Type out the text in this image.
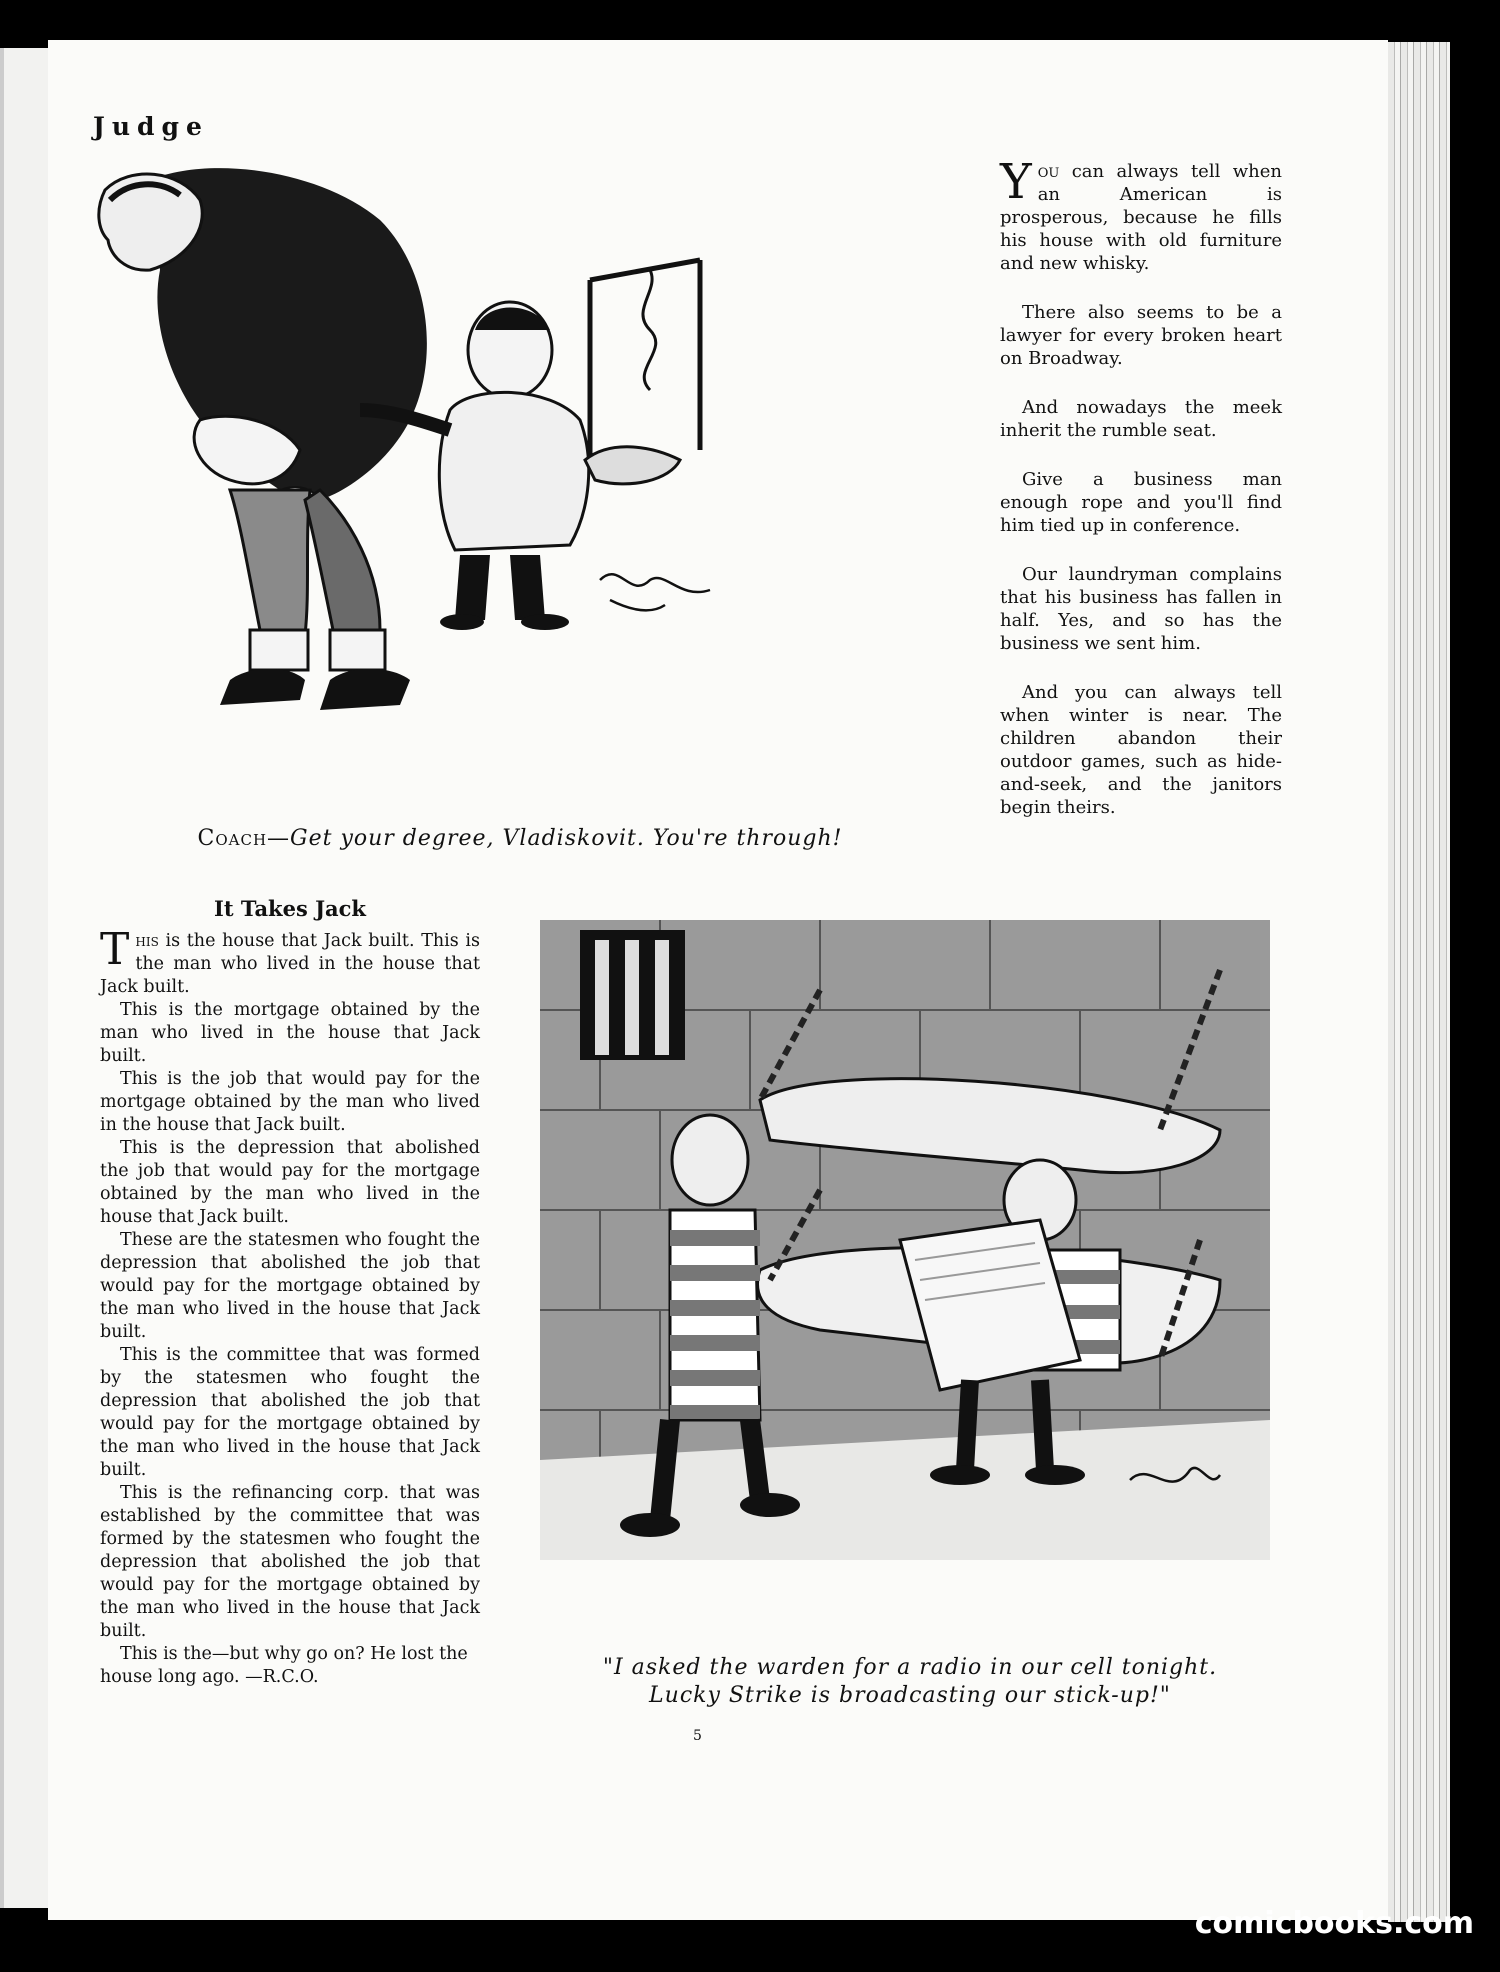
Judge
Coach—Get your degree, Vladiskovit. You're through!

You can always tell when an American is prosperous, because he fills his house with old furniture and new whisky.

There also seems to be a lawyer for every broken heart on Broadway.

And nowadays the meek inherit the rumble seat.

Give a business man enough rope and you'll find him tied up in conference.

Our laundryman complains that his business has fallen in half. Yes, and so has the business we sent him.

And you can always tell when winter is near. The children abandon their outdoor games, such as hide-and-seek, and the janitors begin theirs.

It Takes Jack

This is the house that Jack built. This is the man who lived in the house that Jack built.

This is the mortgage obtained by the man who lived in the house that Jack built.

This is the job that would pay for the mortgage obtained by the man who lived in the house that Jack built.

This is the depression that abolished the job that would pay for the mortgage obtained by the man who lived in the house that Jack built.

These are the statesmen who fought the depression that abolished the job that would pay for the mortgage obtained by the man who lived in the house that Jack built.

This is the committee that was formed by the statesmen who fought the depression that abolished the job that would pay for the mortgage obtained by the man who lived in the house that Jack built.

This is the refinancing corp. that was established by the committee that was formed by the statesmen who fought the depression that abolished the job that would pay for the mortgage obtained by the man who lived in the house that Jack built.

This is the—but why go on? He lost the house long ago. —R.C.O.	"I asked the warden for a radio in our cell tonight.
Lucky Strike is broadcasting our stick-up!"
5
comicbooks.com
